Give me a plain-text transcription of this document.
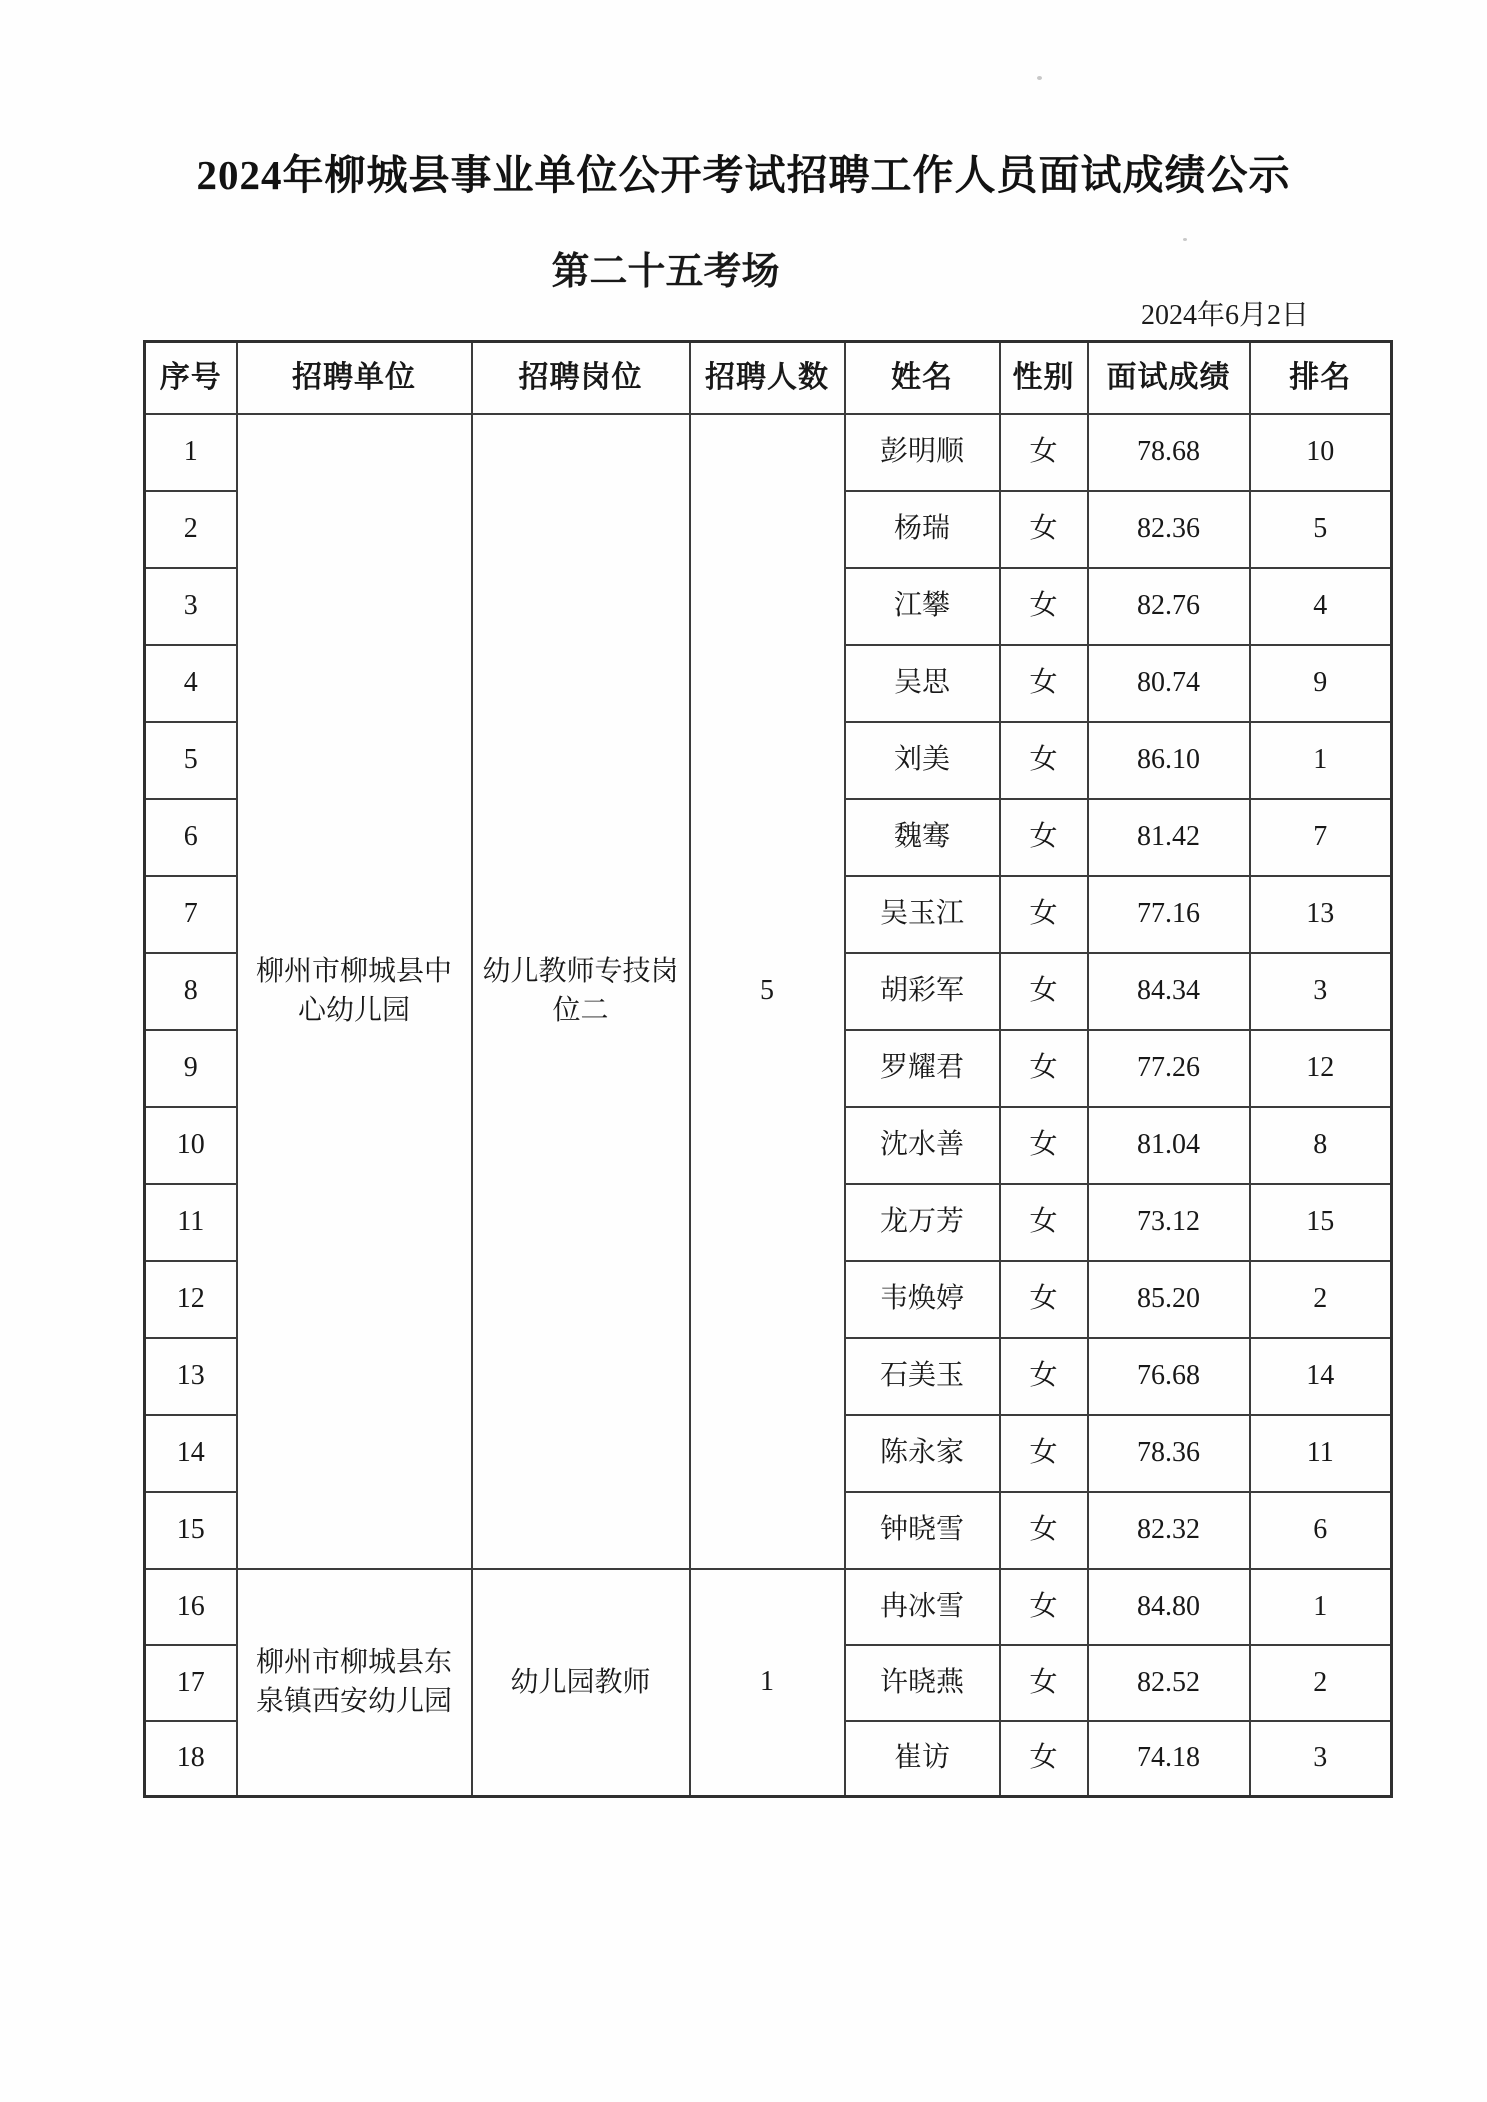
2024年柳城县事业单位公开考试招聘工作人员面试成绩公示
第二十五考场
2024年6月2日
序号	招聘单位	招聘岗位	招聘人数	姓名	性别	面试成绩	排名
1	柳州市柳城县中心幼儿园	幼儿教师专技岗位二	5	彭明顺	女	78.68	10
2				杨瑞	女	82.36	5
3				江攀	女	82.76	4
4				吴思	女	80.74	9
5				刘美	女	86.10	1
6				魏骞	女	81.42	7
7				吴玉江	女	77.16	13
8				胡彩军	女	84.34	3
9				罗耀君	女	77.26	12
10				沈水善	女	81.04	8
11				龙万芳	女	73.12	15
12				韦焕婷	女	85.20	2
13				石美玉	女	76.68	14
14				陈永家	女	78.36	11
15				钟晓雪	女	82.32	6
16	柳州市柳城县东泉镇西安幼儿园	幼儿园教师	1	冉冰雪	女	84.80	1
17				许晓燕	女	82.52	2
18				崔访	女	74.18	3
